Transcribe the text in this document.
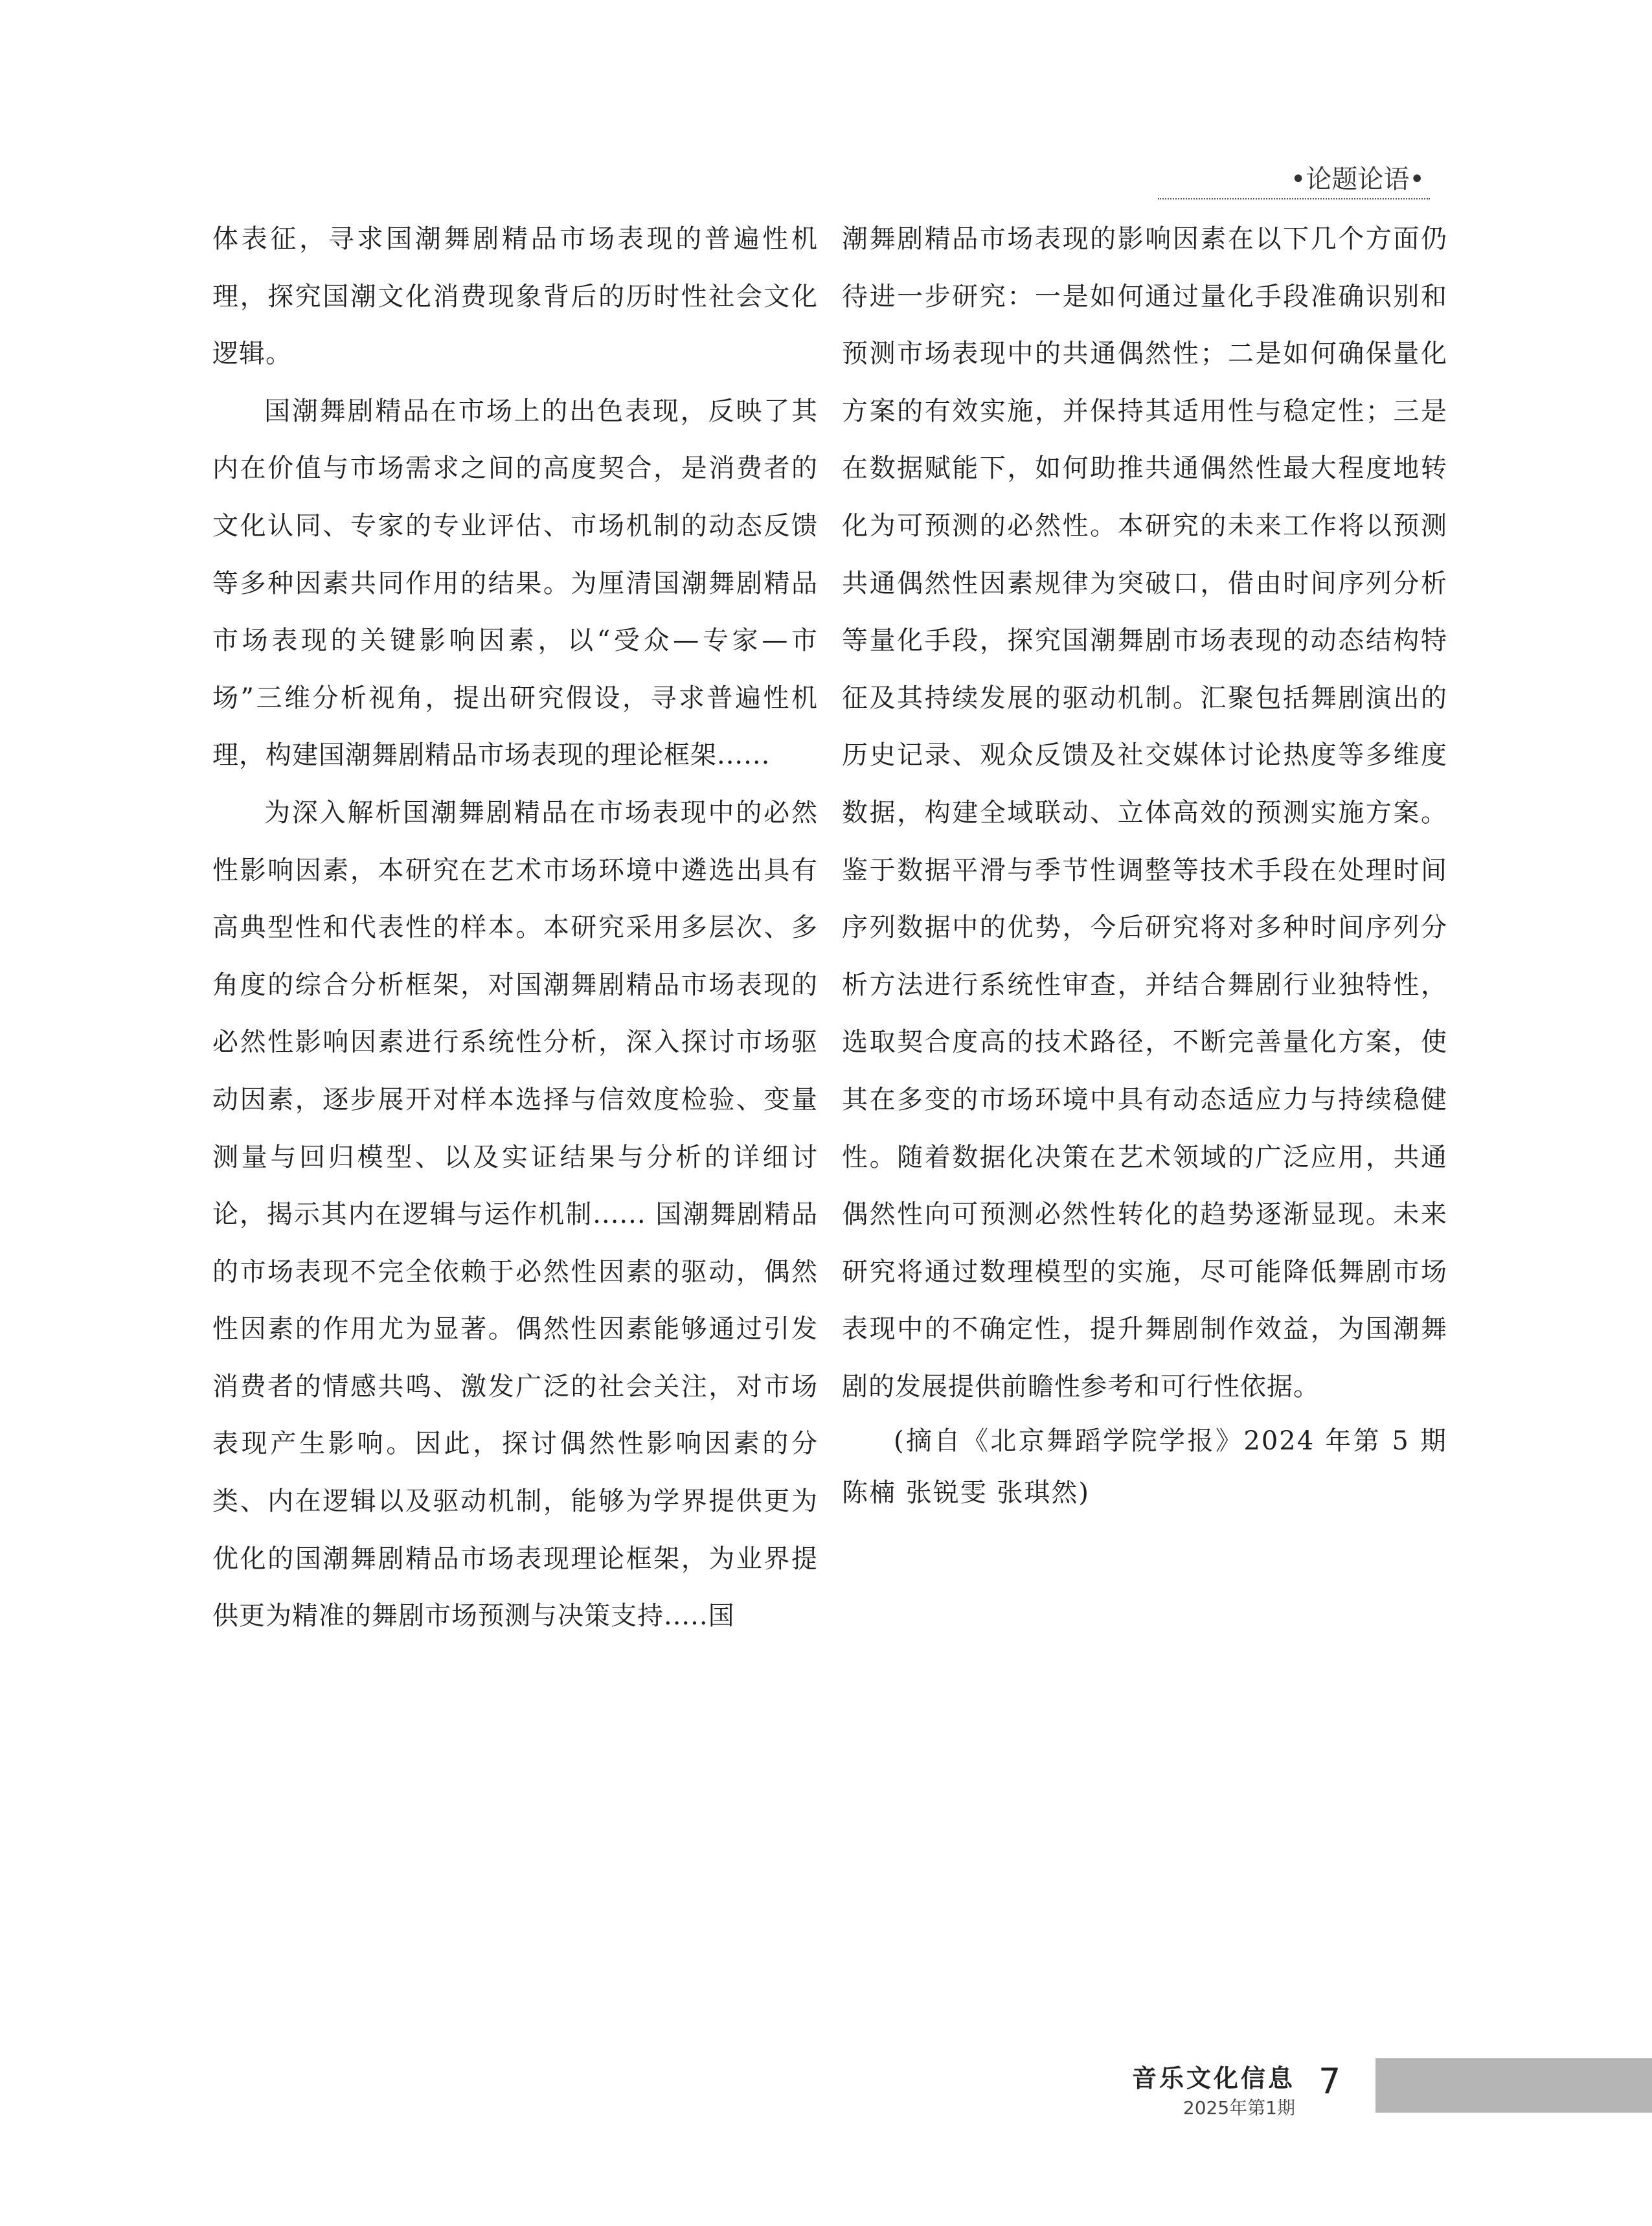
•论题论语•

体表征，寻求国潮舞剧精品市场表现的普遍性机理，探究国潮文化消费现象背后的历时性社会文化逻辑。

国潮舞剧精品在市场上的出色表现，反映了其内在价值与市场需求之间的高度契合，是消费者的文化认同、专家的专业评估、市场机制的动态反馈等多种因素共同作用的结果。为厘清国潮舞剧精品市场表现的关键影响因素，以“受众—专家—市场”三维分析视角，提出研究假设，寻求普遍性机理，构建国潮舞剧精品市场表现的理论框架......

为深入解析国潮舞剧精品在市场表现中的必然性影响因素，本研究在艺术市场环境中遴选出具有高典型性和代表性的样本。本研究采用多层次、多角度的综合分析框架，对国潮舞剧精品市场表现的必然性影响因素进行系统性分析，深入探讨市场驱动因素，逐步展开对样本选择与信效度检验、变量测量与回归模型、以及实证结果与分析的详细讨论，揭示其内在逻辑与运作机制...... 国潮舞剧精品的市场表现不完全依赖于必然性因素的驱动，偶然性因素的作用尤为显著。偶然性因素能够通过引发消费者的情感共鸣、激发广泛的社会关注，对市场表现产生影响。因此，探讨偶然性影响因素的分类、内在逻辑以及驱动机制，能够为学界提供更为优化的国潮舞剧精品市场表现理论框架，为业界提供更为精准的舞剧市场预测与决策支持.....国

潮舞剧精品市场表现的影响因素在以下几个方面仍待进一步研究：一是如何通过量化手段准确识别和预测市场表现中的共通偶然性；二是如何确保量化方案的有效实施，并保持其适用性与稳定性；三是在数据赋能下，如何助推共通偶然性最大程度地转化为可预测的必然性。本研究的未来工作将以预测共通偶然性因素规律为突破口，借由时间序列分析等量化手段，探究国潮舞剧市场表现的动态结构特征及其持续发展的驱动机制。汇聚包括舞剧演出的历史记录、观众反馈及社交媒体讨论热度等多维度数据，构建全域联动、立体高效的预测实施方案。鉴于数据平滑与季节性调整等技术手段在处理时间序列数据中的优势，今后研究将对多种时间序列分析方法进行系统性审查，并结合舞剧行业独特性，选取契合度高的技术路径，不断完善量化方案，使其在多变的市场环境中具有动态适应力与持续稳健性。随着数据化决策在艺术领域的广泛应用，共通偶然性向可预测必然性转化的趋势逐渐显现。未来研究将通过数理模型的实施，尽可能降低舞剧市场表现中的不确定性，提升舞剧制作效益，为国潮舞剧的发展提供前瞻性参考和可行性依据。

(摘自《北京舞蹈学院学报》2024 年第 5 期 陈楠 张锐雯 张琪然)

音乐文化信息
2025年第1期
7
